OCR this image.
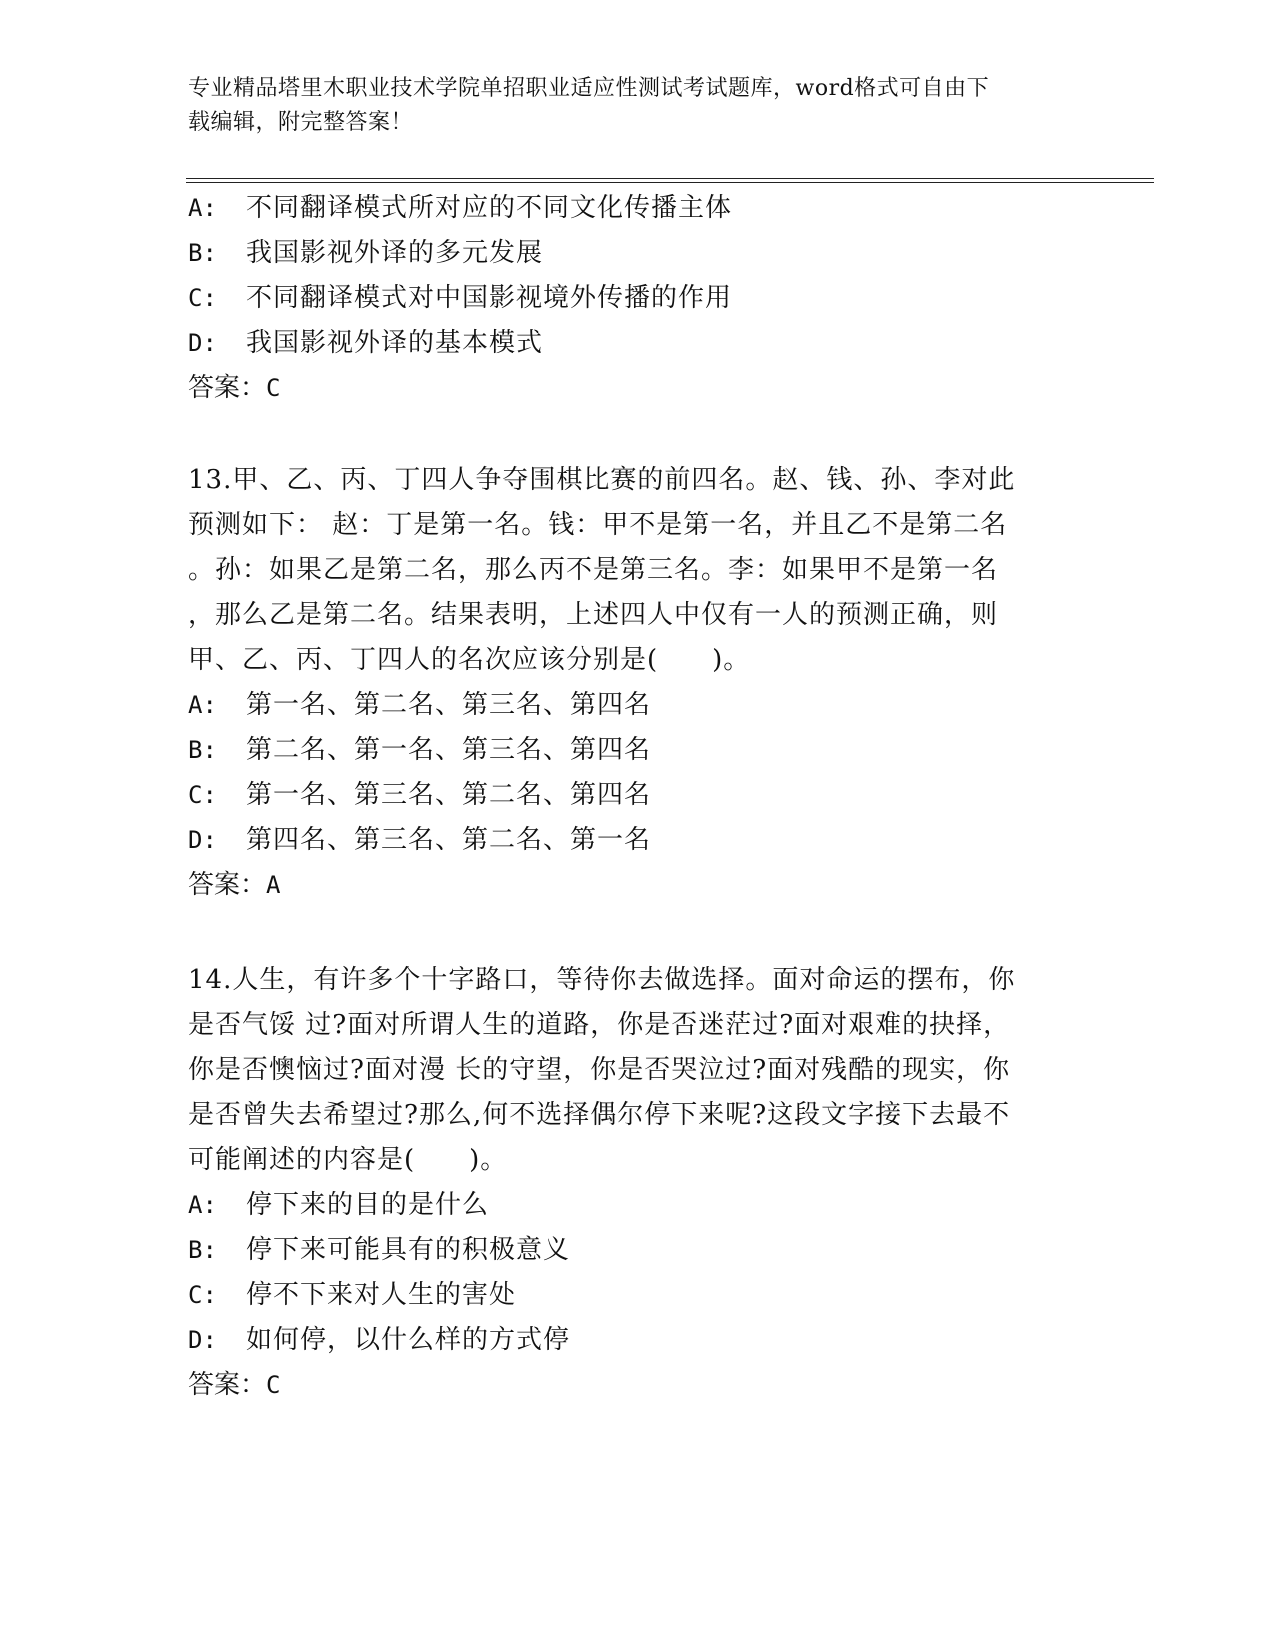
专业精品塔里木职业技术学院单招职业适应性测试考试题库，word格式可自由下
载编辑，附完整答案！
A: 不同翻译模式所对应的不同文化传播主体
B: 我国影视外译的多元发展
C: 不同翻译模式对中国影视境外传播的作用
D: 我国影视外译的基本模式
答案：C
13.甲、乙、丙、丁四人争夺围棋比赛的前四名。赵、钱、孙、李对此
预测如下： 赵：丁是第一名。钱：甲不是第一名，并且乙不是第二名
。孙：如果乙是第二名，那么丙不是第三名。李：如果甲不是第一名
，那么乙是第二名。结果表明，上述四人中仅有一人的预测正确，则
甲、乙、丙、丁四人的名次应该分别是(　　)。
A: 第一名、第二名、第三名、第四名
B: 第二名、第一名、第三名、第四名
C: 第一名、第三名、第二名、第四名
D: 第四名、第三名、第二名、第一名
答案：A
14.人生，有许多个十字路口，等待你去做选择。面对命运的摆布，你
是否气馁 过?面对所谓人生的道路，你是否迷茫过?面对艰难的抉择，
你是否懊恼过?面对漫 长的守望，你是否哭泣过?面对残酷的现实，你
是否曾失去希望过?那么,何不选择偶尔停下来呢?这段文字接下去最不
可能阐述的内容是(　　)。
A: 停下来的目的是什么
B: 停下来可能具有的积极意义
C: 停不下来对人生的害处
D: 如何停，以什么样的方式停
答案：C
